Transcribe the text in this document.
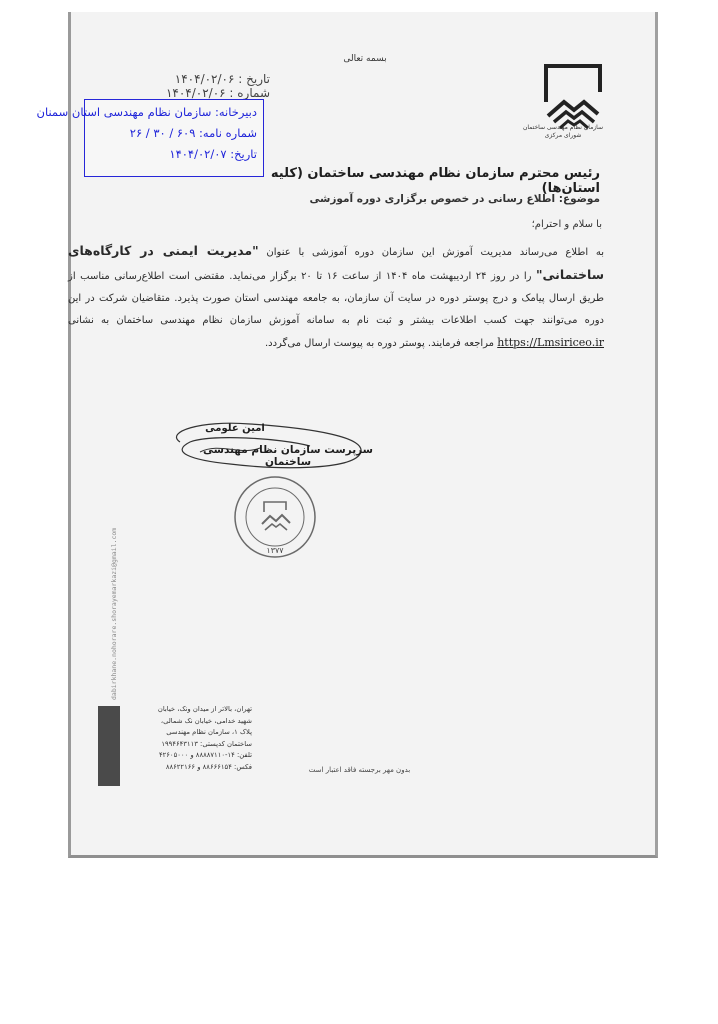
بسمه تعالی
سازمان نظام مهندسی ساختمان
شورای مرکزی
تاریخ : ۱۴۰۴/۰۲/۰۶
شماره : ۱۴۰۴/۰۲/۰۶
دبیرخانه: سازمان نظام مهندسی استان سمنان
شماره نامه: ۶۰۹ / ۳۰ / ۲۶
تاریخ: ۱۴۰۴/۰۲/۰۷
رئیس محترم سازمان نظام مهندسی ساختمان (کلیه استان‌ها)
موضوع: اطلاع رسانی در خصوص برگزاری دوره آموزشی
با سلام و احترام؛
به اطلاع می‌رساند مدیریت آموزش این سازمان دوره آموزشی با عنوان "مدیریت ایمنی در کارگاه‌های ساختمانی" را در روز ۲۴ اردیبهشت ماه ۱۴۰۴ از ساعت ۱۶ تا ۲۰ برگزار می‌نماید. مقتضی است اطلاع‌رسانی مناسب از طریق ارسال پیامک و درج پوستر دوره در سایت آن سازمان، به جامعه مهندسی استان صورت پذیرد. متقاضیان شرکت در این دوره می‌توانند جهت کسب اطلاعات بیشتر و ثبت نام به سامانه آموزش سازمان نظام مهندسی ساختمان به نشانی https://Lmsiriceo.ir مراجعه فرمایند. پوستر دوره به پیوست ارسال می‌گردد.
امین علومی
سرپرست سازمان نظام مهندسی ساختمان
۱۳۷۷
dabirkhane.nohorare.shorayemarkazi@gmail.com
تهران، بالاتر از میدان ونک، خیابان
شهید خدامی، خیابان نک شمالی،
پلاک ۱، سازمان نظام مهندسی
ساختمان کدپستی: ۱۹۹۴۶۴۳۱۱۳
تلفن: ۱۴-۸۸۸۸۷۱۱۰ و ۴۲۶۰۵۰۰۰
فکس: ۸۸۶۶۶۱۵۴ و ۸۸۶۲۲۱۶۶	بدون مهر برجسته فاقد اعتبار است
